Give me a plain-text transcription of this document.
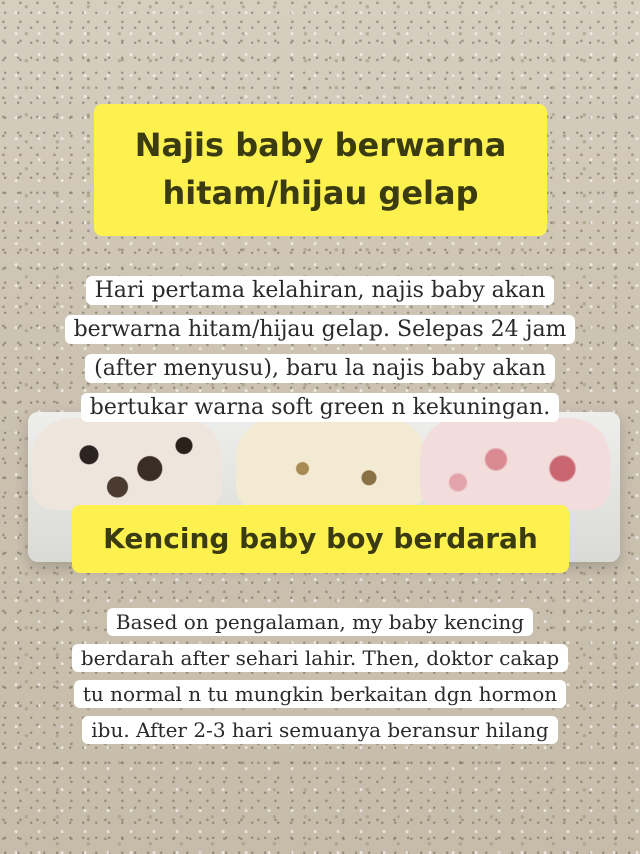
Najis baby berwarna
hitam/hijau gelap
Hari pertama kelahiran, najis baby akan
berwarna hitam/hijau gelap. Selepas 24 jam
(after menyusu), baru la najis baby akan
bertukar warna soft green n kekuningan.
Kencing baby boy berdarah
Based on pengalaman, my baby kencing
berdarah after sehari lahir. Then, doktor cakap
tu normal n tu mungkin berkaitan dgn hormon
ibu. After 2-3 hari semuanya beransur hilang
